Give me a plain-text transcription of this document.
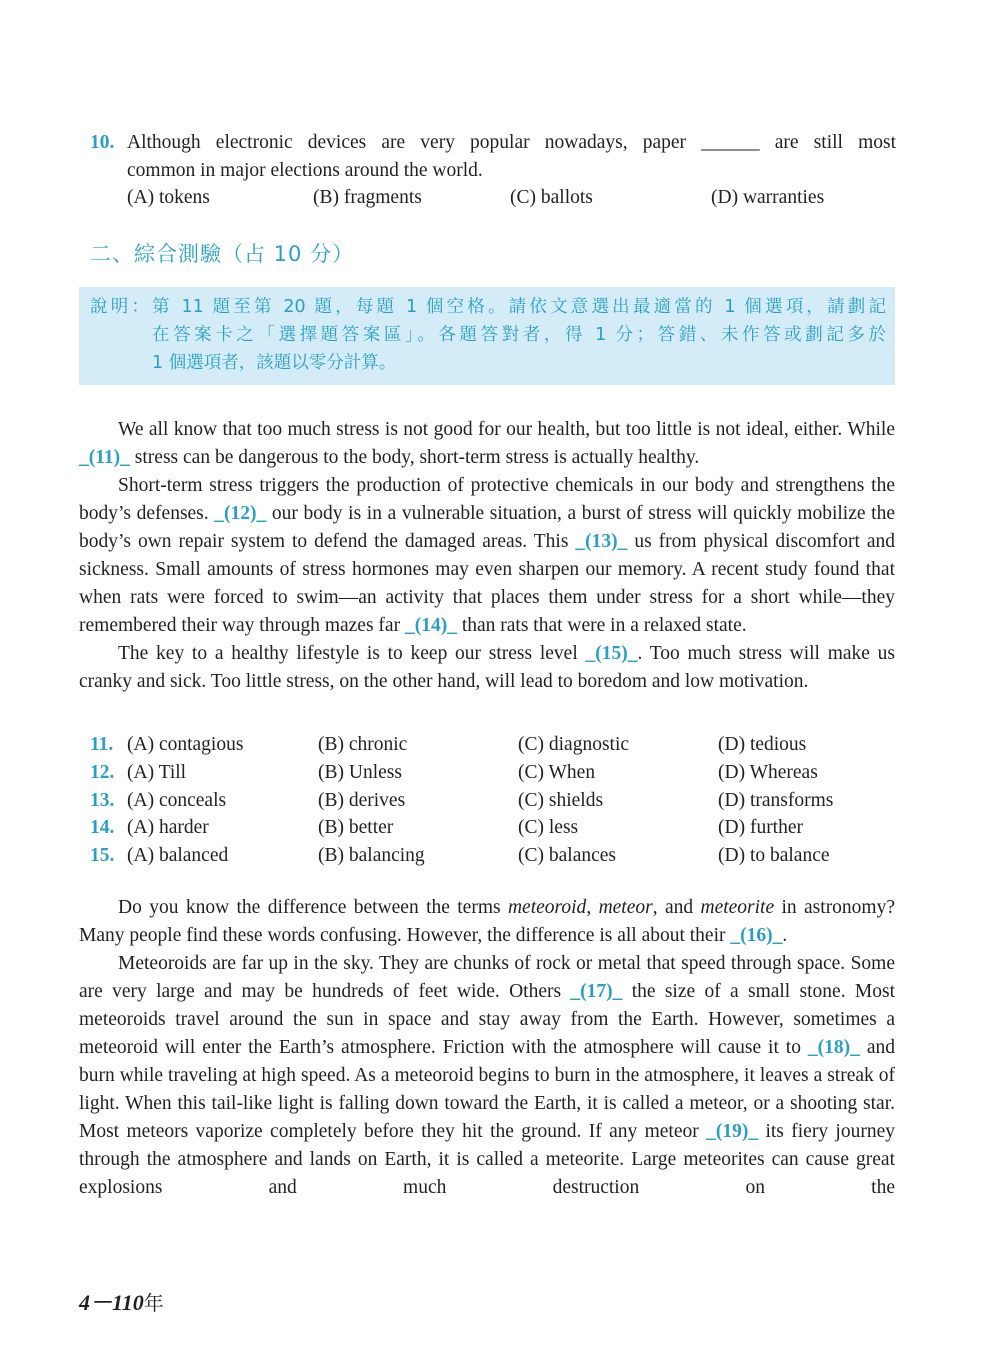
10. Although electronic devices are very popular nowadays, paper ______ are still most
common in major elections around the world.
(A) tokens	(B) fragments	(C) ballots	(D) warranties
二、綜合測驗（占 10 分）
說明：第 11 題至第 20 題，每題 1 個空格。請依文意選出最適當的 1 個選項，請劃記
在答案卡之「選擇題答案區」。各題答對者，得 1 分；答錯、未作答或劃記多於
1 個選項者，該題以零分計算。

We all know that too much stress is not good for our health, but too little is not ideal, either. While _(11)_ stress can be dangerous to the body, short-term stress is actually healthy.

Short-term stress triggers the production of protective chemicals in our body and strengthens the body’s defenses. _(12)_ our body is in a vulnerable situation, a burst of stress will quickly mobilize the body’s own repair system to defend the damaged areas. This _(13)_ us from physical discomfort and sickness. Small amounts of stress hormones may even sharpen our memory. A recent study found that when rats were forced to swim—an activity that places them under stress for a short while—they remembered their way through mazes far _(14)_ than rats that were in a relaxed state.

The key to a healthy lifestyle is to keep our stress level _(15)_. Too much stress will make us cranky and sick. Too little stress, on the other hand, will lead to boredom and low motivation.

11. (A) contagious	(B) chronic	(C) diagnostic	(D) tedious
12. (A) Till	(B) Unless	(C) When	(D) Whereas
13. (A) conceals	(B) derives	(C) shields	(D) transforms
14. (A) harder	(B) better	(C) less	(D) further
15. (A) balanced	(B) balancing	(C) balances	(D) to balance

Do you know the difference between the terms meteoroid, meteor, and meteorite in astronomy? Many people find these words confusing. However, the difference is all about their _(16)_.

Meteoroids are far up in the sky. They are chunks of rock or metal that speed through space. Some are very large and may be hundreds of feet wide. Others _(17)_ the size of a small stone. Most meteoroids travel around the sun in space and stay away from the Earth. However, sometimes a meteoroid will enter the Earth’s atmosphere. Friction with the atmosphere will cause it to _(18)_ and burn while traveling at high speed. As a meteoroid begins to burn in the atmosphere, it leaves a streak of light. When this tail-like light is falling down toward the Earth, it is called a meteor, or a shooting star. Most meteors vaporize completely before they hit the ground. If any meteor _(19)_ its fiery journey through the atmosphere and lands on Earth, it is called a meteorite. Large meteorites can cause great explosions and much destruction on the

4－110年
